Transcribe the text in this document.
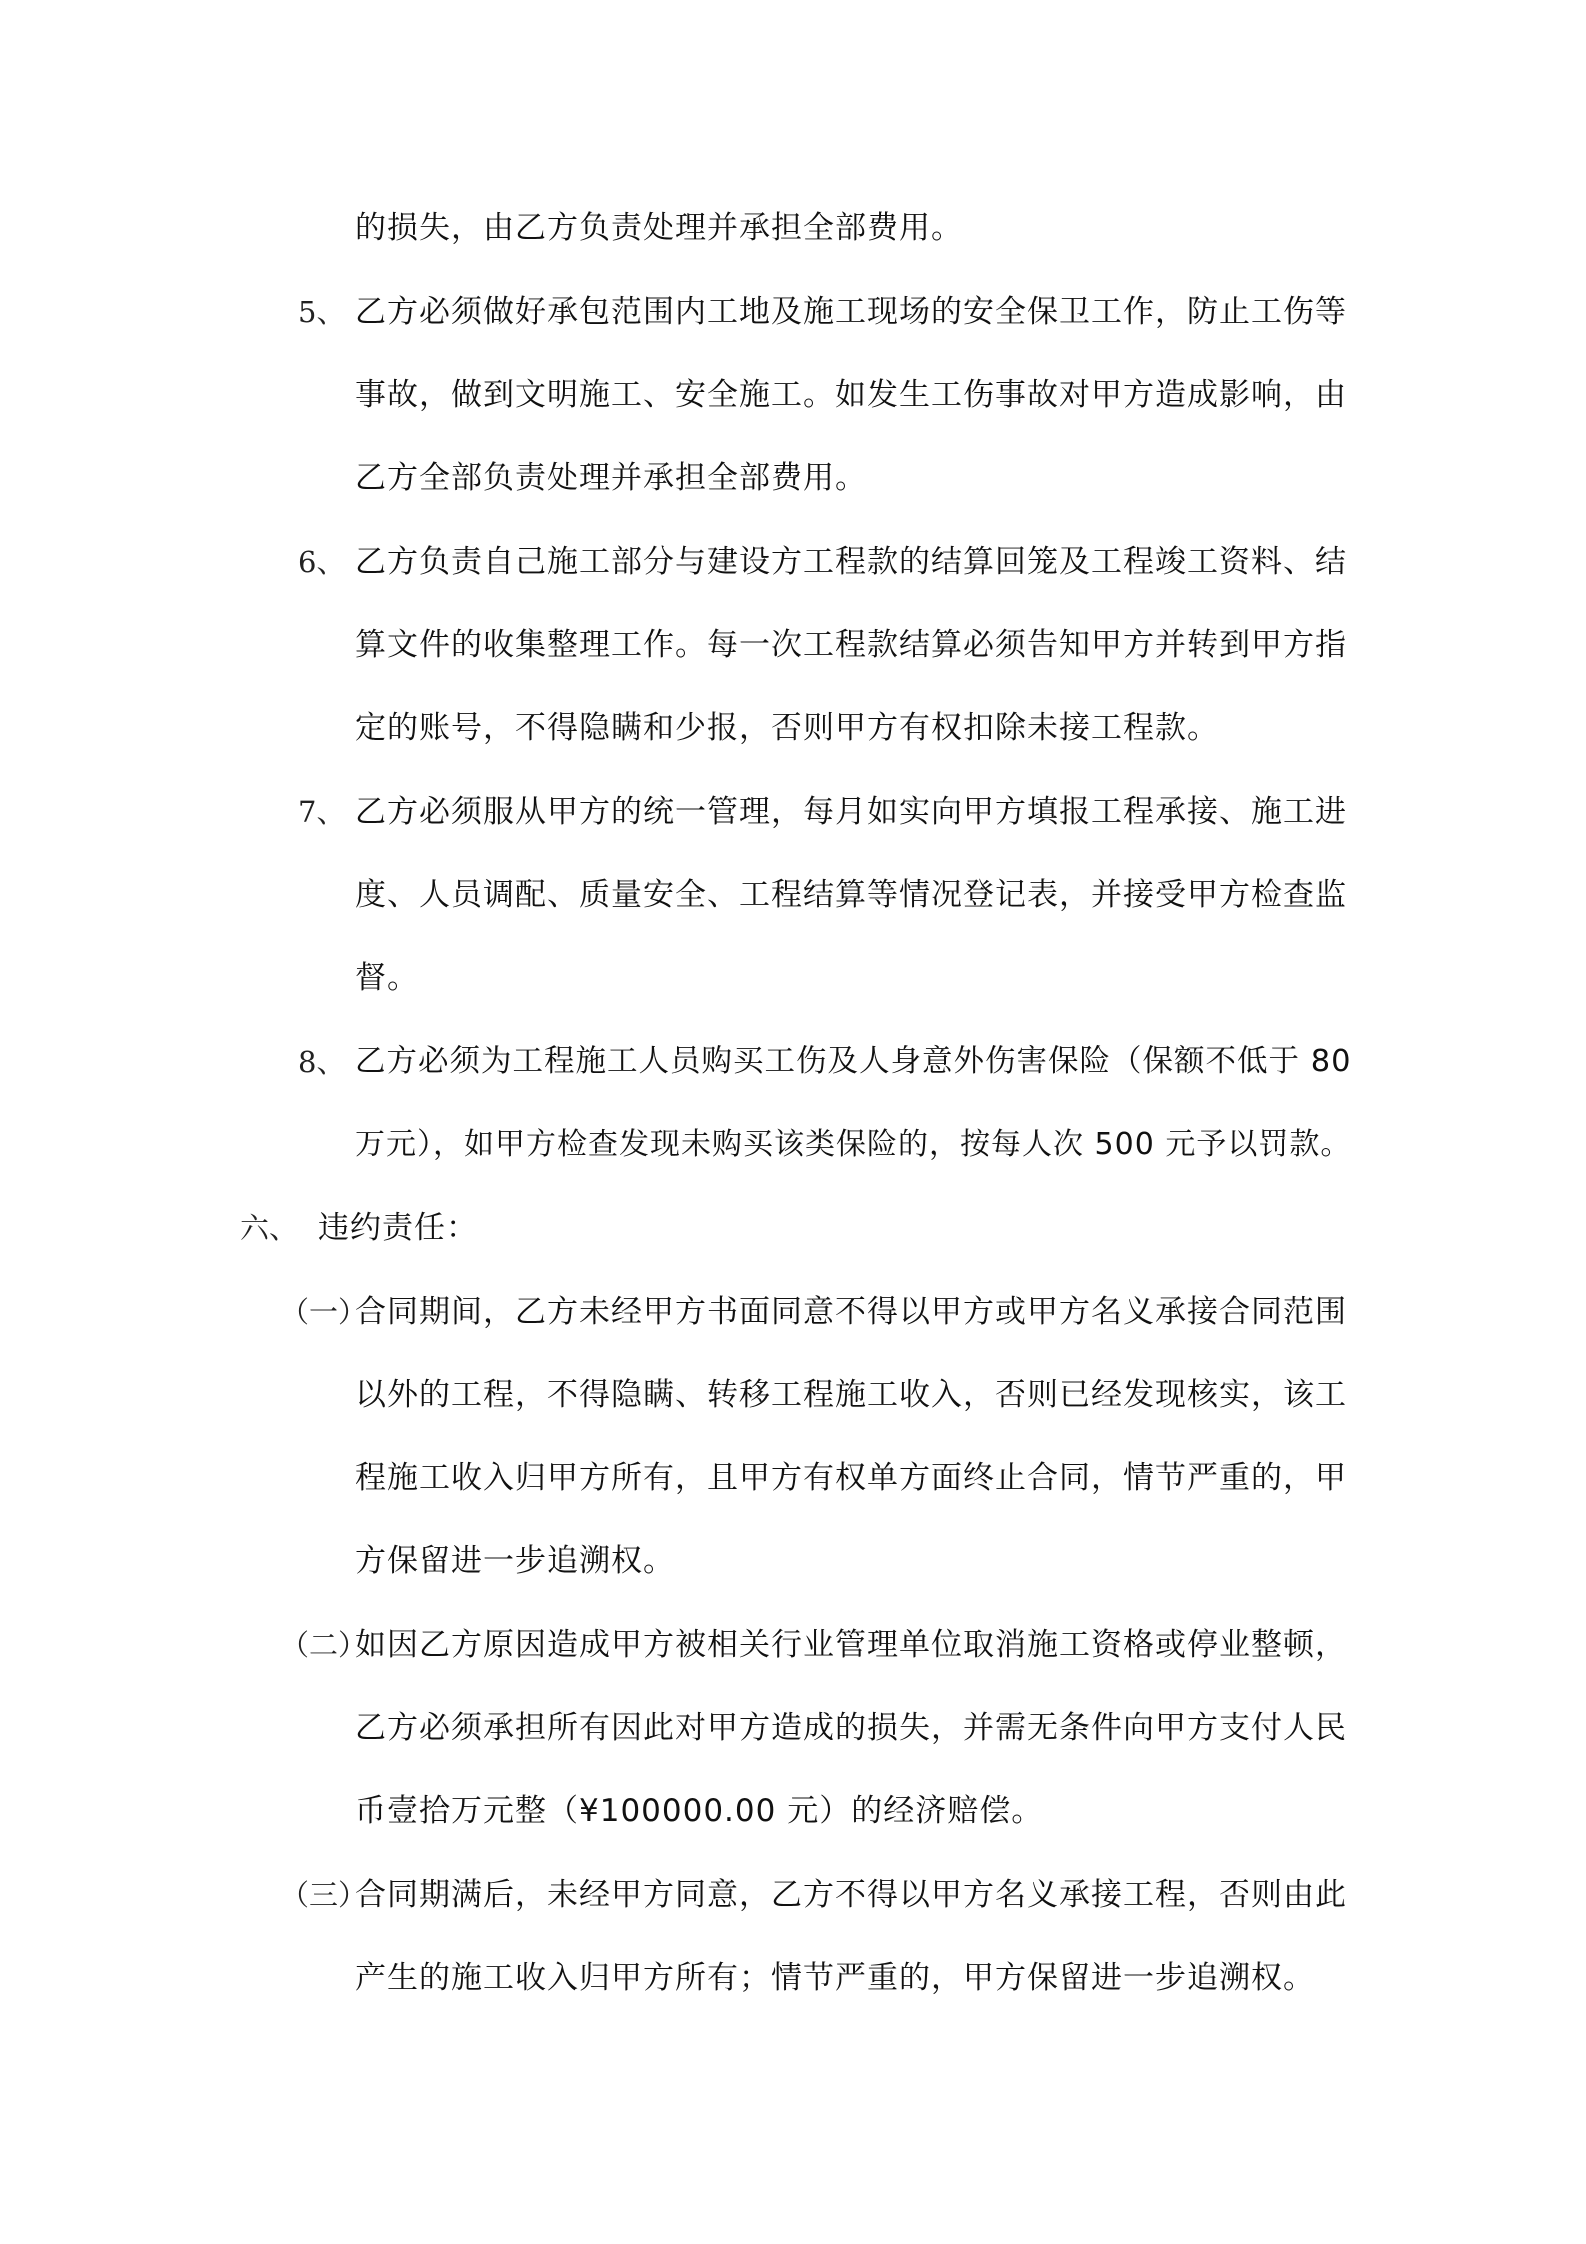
的损失，由乙方负责处理并承担全部费用。
5、 乙方必须做好承包范围内工地及施工现场的安全保卫工作，防止工伤等
事故，做到文明施工、安全施工。如发生工伤事故对甲方造成影响，由
乙方全部负责处理并承担全部费用。
6、 乙方负责自己施工部分与建设方工程款的结算回笼及工程竣工资料、结
算文件的收集整理工作。每一次工程款结算必须告知甲方并转到甲方指
定的账号，不得隐瞒和少报，否则甲方有权扣除未接工程款。
7、 乙方必须服从甲方的统一管理，每月如实向甲方填报工程承接、施工进
度、人员调配、质量安全、工程结算等情况登记表，并接受甲方检查监
督。
8、 乙方必须为工程施工人员购买工伤及人身意外伤害保险（保额不低于 80
万元），如甲方检查发现未购买该类保险的，按每人次 500 元予以罚款。
六、 违约责任：
（一）
合同期间，乙方未经甲方书面同意不得以甲方或甲方名义承接合同范围
以外的工程，不得隐瞒、转移工程施工收入，否则已经发现核实，该工
程施工收入归甲方所有，且甲方有权单方面终止合同，情节严重的，甲
方保留进一步追溯权。
（二）
如因乙方原因造成甲方被相关行业管理单位取消施工资格或停业整顿，
乙方必须承担所有因此对甲方造成的损失，并需无条件向甲方支付人民
币壹拾万元整（¥100000.00 元）的经济赔偿。
（三）
合同期满后，未经甲方同意，乙方不得以甲方名义承接工程，否则由此
产生的施工收入归甲方所有；情节严重的，甲方保留进一步追溯权。
